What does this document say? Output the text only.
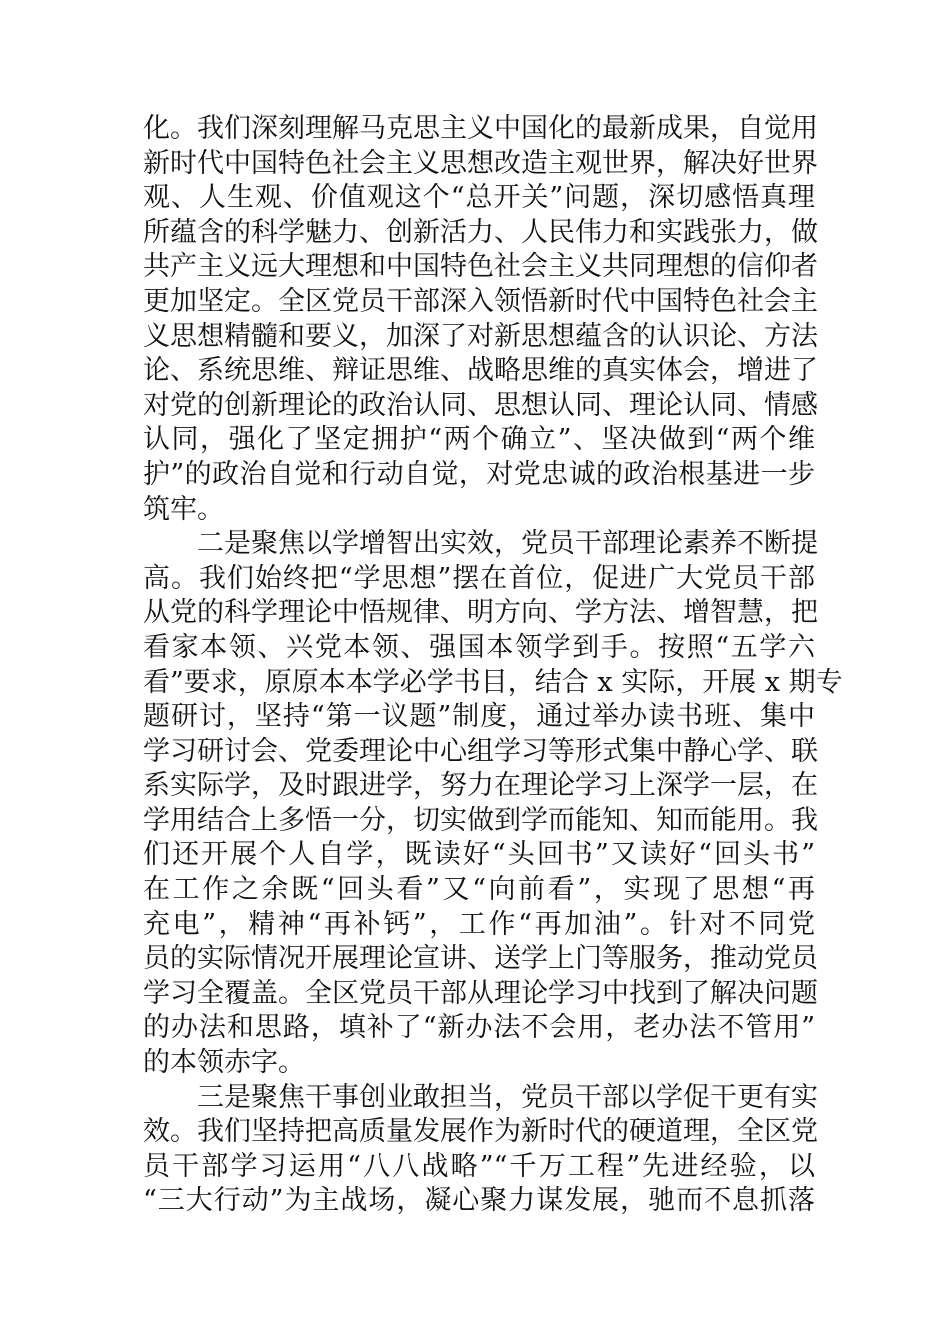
化。我们深刻理解马克思主义中国化的最新成果，自觉用
新时代中国特色社会主义思想改造主观世界，解决好世界
观、人生观、价值观这个“总开关”问题，深切感悟真理
所蕴含的科学魅力、创新活力、人民伟力和实践张力，做
共产主义远大理想和中国特色社会主义共同理想的信仰者
更加坚定。全区党员干部深入领悟新时代中国特色社会主
义思想精髓和要义，加深了对新思想蕴含的认识论、方法
论、系统思维、辩证思维、战略思维的真实体会，增进了
对党的创新理论的政治认同、思想认同、理论认同、情感
认同，强化了坚定拥护“两个确立”、坚决做到“两个维
护”的政治自觉和行动自觉，对党忠诚的政治根基进一步
筑牢。
二是聚焦以学增智出实效，党员干部理论素养不断提
高。我们始终把“学思想”摆在首位，促进广大党员干部
从党的科学理论中悟规律、明方向、学方法、增智慧，把
看家本领、兴党本领、强国本领学到手。按照“五学六
看”要求，原原本本学必学书目，结合 x 实际，开展 x 期专
题研讨，坚持“第一议题”制度，通过举办读书班、集中
学习研讨会、党委理论中心组学习等形式集中静心学、联
系实际学，及时跟进学，努力在理论学习上深学一层，在
学用结合上多悟一分，切实做到学而能知、知而能用。我
们还开展个人自学，既读好“头回书”又读好“回头书”
在工作之余既“回头看”又“向前看”，实现了思想“再
充电”，精神“再补钙”，工作“再加油”。针对不同党
员的实际情况开展理论宣讲、送学上门等服务，推动党员
学习全覆盖。全区党员干部从理论学习中找到了解决问题
的办法和思路，填补了“新办法不会用，老办法不管用”
的本领赤字。
三是聚焦干事创业敢担当，党员干部以学促干更有实
效。我们坚持把高质量发展作为新时代的硬道理，全区党
员干部学习运用“八八战略”“千万工程”先进经验，以
“三大行动”为主战场，凝心聚力谋发展，驰而不息抓落
